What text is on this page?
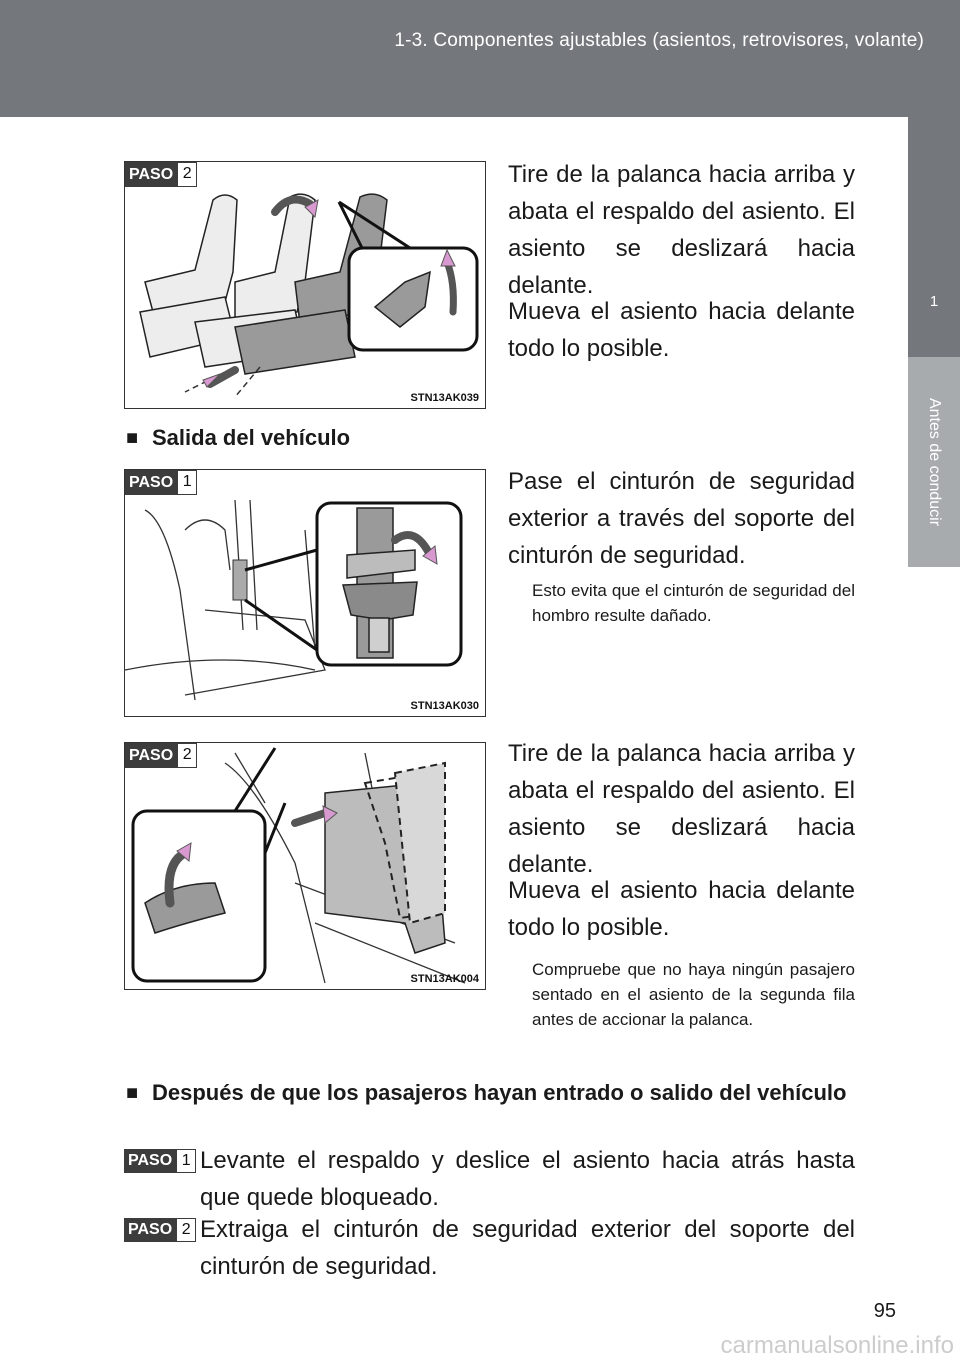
1-3. Componentes ajustables (asientos, retrovisores, volante)
1
Antes de conducir
PASO 2
STN13AK039
Tire de la palanca hacia arriba y abata el respaldo del asiento. El asiento se deslizará hacia delante.
Mueva el asiento hacia delante todo lo posible.
■ Salida del vehículo
PASO 1
STN13AK030
Pase el cinturón de seguridad exterior a través del soporte del cinturón de seguridad.
Esto evita que el cinturón de seguridad del hombro resulte dañado.
PASO 2
STN13AK004
Tire de la palanca hacia arriba y abata el respaldo del asiento. El asiento se deslizará hacia delante.
Mueva el asiento hacia delante todo lo posible.
Compruebe que no haya ningún pasajero sentado en el asiento de la segunda fila antes de accionar la palanca.
■ Después de que los pasajeros hayan entrado o salido del vehículo
PASO 1 Levante el respaldo y deslice el asiento hacia atrás hasta que quede bloqueado.
PASO 2 Extraiga el cinturón de seguridad exterior del soporte del cinturón de seguridad.
95
carmanualsonline.info
